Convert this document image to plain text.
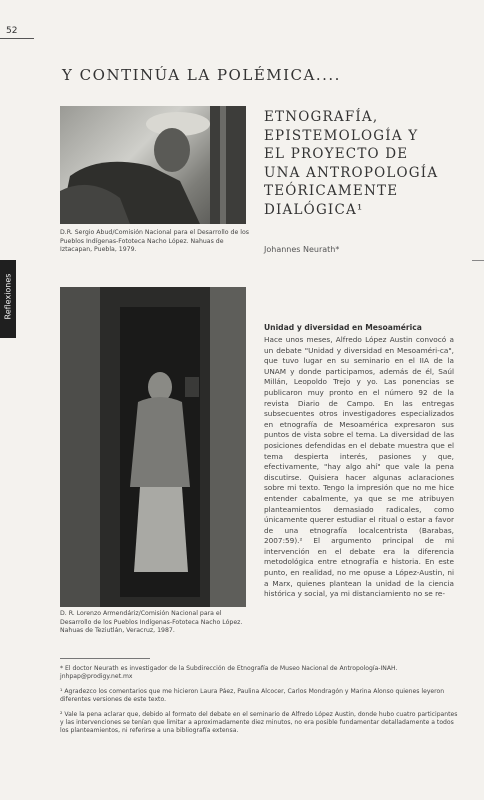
52
Y CONTINÚA LA POLÉMICA....
D.R. Sergio Abud/Comisión Nacional para el Desarrollo de los Pueblos Indígenas-Fototeca Nacho López. Nahuas de Iztacapan, Puebla, 1979.
ETNOGRAFÍA,
EPISTEMOLOGÍA Y
EL PROYECTO DE
UNA ANTROPOLOGÍA
TEÓRICAMENTE
DIALÓGICA¹
Johannes Neurath*
Reflexiones
D. R. Lorenzo Armendáriz/Comisión Nacional para el Desarrollo de los Pueblos Indígenas-Fototeca Nacho López. Nahuas de Teziutlán, Veracruz, 1987.
Unidad y diversidad en Mesoamérica
Hace unos meses, Alfredo López Austin convocó a un debate "Unidad y diversidad en Mesoaméri-ca", que tuvo lugar en su seminario en el IIA de la UNAM y donde participamos, además de él, Saúl Millán, Leopoldo Trejo y yo. Las ponencias se publicaron muy pronto en el número 92 de la revista Diario de Campo. En las entregas subsecuentes otros investigadores especializados en etnografía de Mesoamérica expresaron sus puntos de vista sobre el tema. La diversidad de las posiciones defendidas en el debate muestra que el tema despierta interés, pasiones y que, efectivamente, "hay algo ahí" que vale la pena discutirse. Quisiera hacer algunas aclaraciones sobre mi texto. Tengo la impresión que no me hice entender cabalmente, ya que se me atribuyen planteamientos demasiado radicales, como únicamente querer estudiar el ritual o estar a favor de una etnografía localcentrista (Barabas, 2007:59).² El argumento principal de mi intervención en el debate era la diferencia metodológica entre etnografía e historia. En este punto, en realidad, no me opuse a López-Austin, ni a Marx, quienes plantean la unidad de la ciencia histórica y social, ya mi distanciamiento no se re-

* El doctor Neurath es investigador de la Subdirección de Etnografía de Museo Nacional de Antropología-INAH. jnhpap@prodigy.net.mx

¹ Agradezco los comentarios que me hicieron Laura Páez, Paulina Alcocer, Carlos Mondragón y Marina Alonso quienes leyeron diferentes versiones de este texto.

² Vale la pena aclarar que, debido al formato del debate en el seminario de Alfredo López Austin, donde hubo cuatro participantes y las intervenciones se tenían que limitar a aproximadamente diez minutos, no era posible fundamentar detalladamente a todos los planteamientos, ni referirse a una bibliografía extensa.
